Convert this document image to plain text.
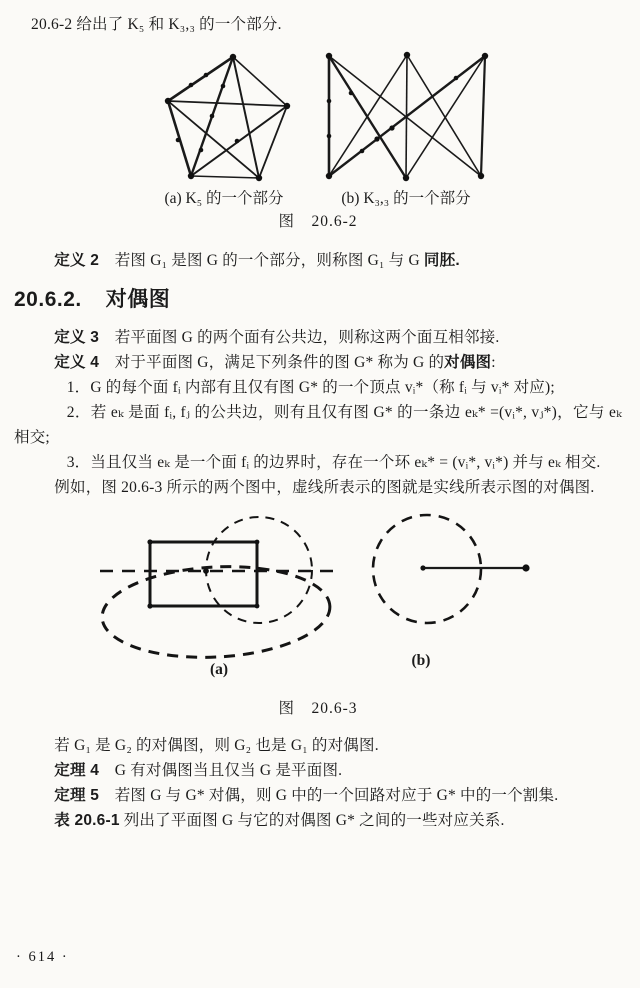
20.6-2 给出了 K₅ 和 K₃,₃ 的一个部分.

(a) K₅ 的一个部分	(b) K₃,₃ 的一个部分
图　20.6-2

定义 2　若图 G₁ 是图 G 的一个部分，则称图 G₁ 与 G 同胚.

20.6.2. 对偶图

定义 3　若平面图 G 的两个面有公共边，则称这两个面互相邻接.

定义 4　对于平面图 G，满足下列条件的图 G* 称为 G 的对偶图:

1．G 的每个面 fᵢ 内部有且仅有图 G* 的一个顶点 vᵢ*（称 fᵢ 与 vᵢ* 对应);

2．若 eₖ 是面 fᵢ, fⱼ 的公共边，则有且仅有图 G* 的一条边 eₖ* =(vᵢ*, vⱼ*)，它与 eₖ 相交;

3．当且仅当 eₖ 是一个面 fᵢ 的边界时，存在一个环 eₖ* = (vᵢ*, vᵢ*) 并与 eₖ 相交.

例如，图 20.6-3 所示的两个图中，虚线所表示的图就是实线所表示图的对偶图.

(a)
(b)
图　20.6-3

若 G₁ 是 G₂ 的对偶图，则 G₂ 也是 G₁ 的对偶图.

定理 4　G 有对偶图当且仅当 G 是平面图.

定理 5　若图 G 与 G* 对偶，则 G 中的一个回路对应于 G* 中的一个割集.

表 20.6-1 列出了平面图 G 与它的对偶图 G* 之间的一些对应关系.

· 614 ·
